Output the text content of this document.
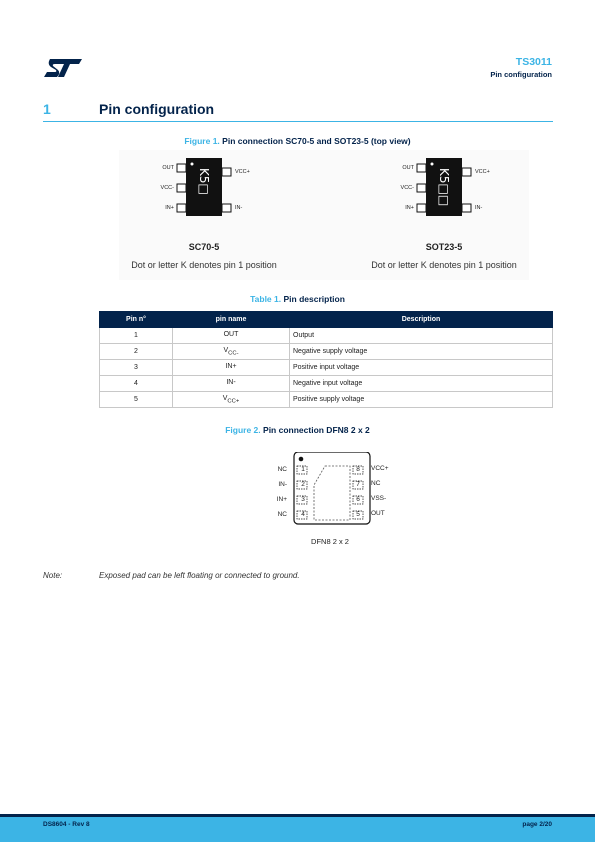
TS3011
Pin configuration
1	Pin configuration
Figure 1. Pin connection SC70-5 and SOT23-5 (top view)
K5□
OUT
VCC-
IN+
VCC+
IN-
SC70-5
Dot or letter K denotes pin 1 position
K5□□
OUT
VCC-
IN+
VCC+
IN-
SOT23-5
Dot or letter K denotes pin 1 position
Table 1. Pin description
Pin n°	pin name	Description
1	OUT	Output
2	$V_{CC-}$	Negative supply voltage
3	IN+	Positive input voltage
4	IN-	Negative input voltage
5	$V_{CC+}$	Positive supply voltage
Figure 2. Pin connection DFN8 2 x 2
1
2
3
4
8
7
6
5
NC
IN-
IN+
NC
VCC+
NC
VSS-
OUT
DFN8 2 x 2
Note:	Exposed pad can be left floating or connected to ground.
DS8604 - Rev 8	page 2/20
